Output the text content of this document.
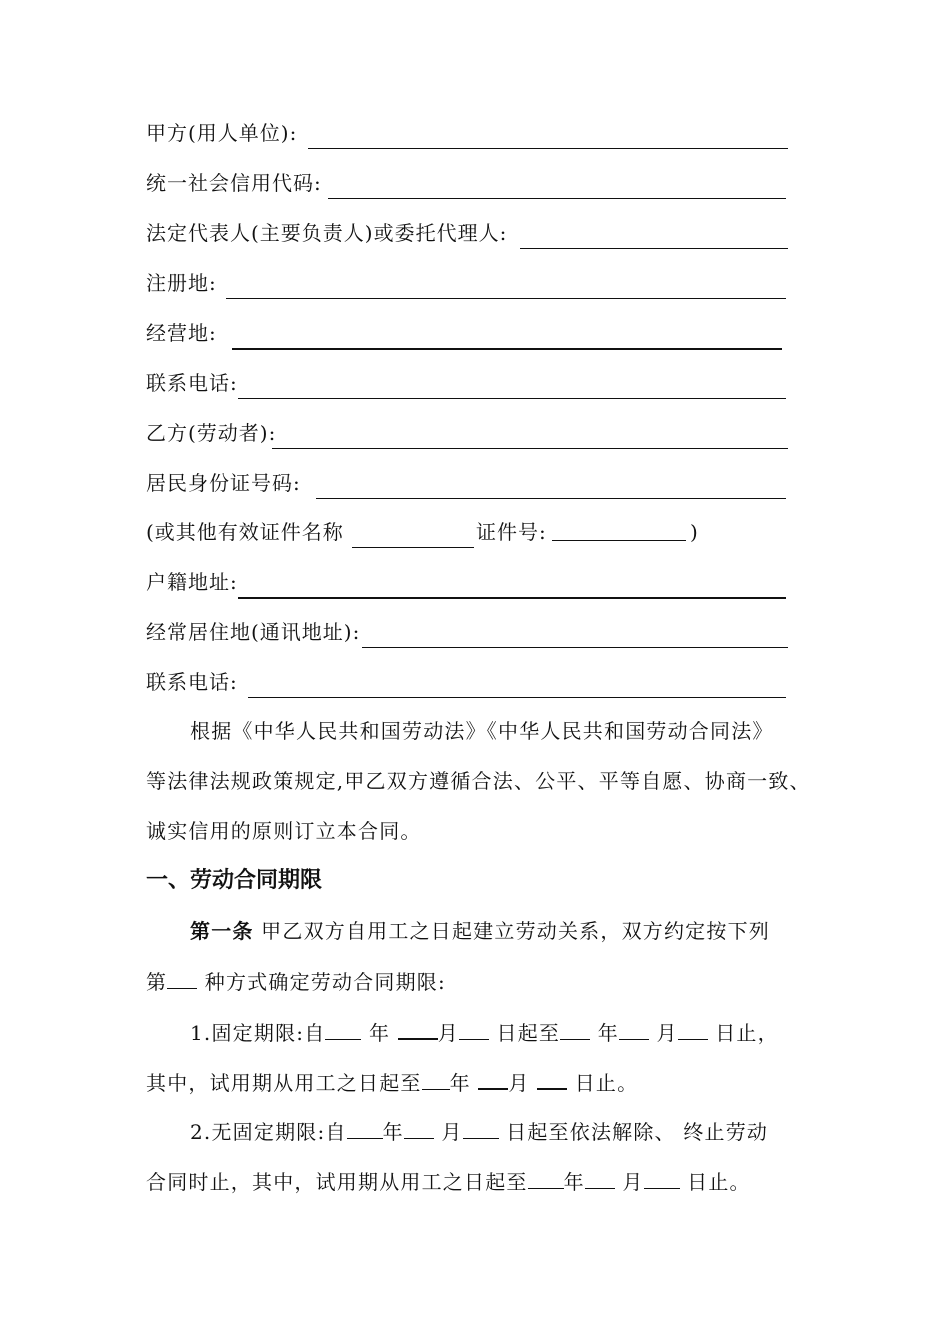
甲方(用人单位):
统一社会信用代码:
法定代表人(主要负责人)或委托代理人:
注册地:
经营地:
联系电话:
乙方(劳动者):
居民身份证号码:
(或其他有效证件名称	证件号:	)
户籍地址:
经常居住地(通讯地址):
联系电话:
根据《中华人民共和国劳动法》《中华人民共和国劳动合同法》
等法律法规政策规定,甲乙双方遵循合法、公平、平等自愿、协商一致、
诚实信用的原则订立本合同。
一、劳动合同期限
第一条 甲乙双方自用工之日起建立劳动关系，双方约定按下列
第 种方式确定劳动合同期限:
1.固定期限:自 年 月 日起至 年 月 日止，
其中，试用期从用工之日起至 年 月 日止。
2.无固定期限:自 年 月 日起至依法解除、 终止劳动
合同时止，其中，试用期从用工之日起至 年 月 日止。
